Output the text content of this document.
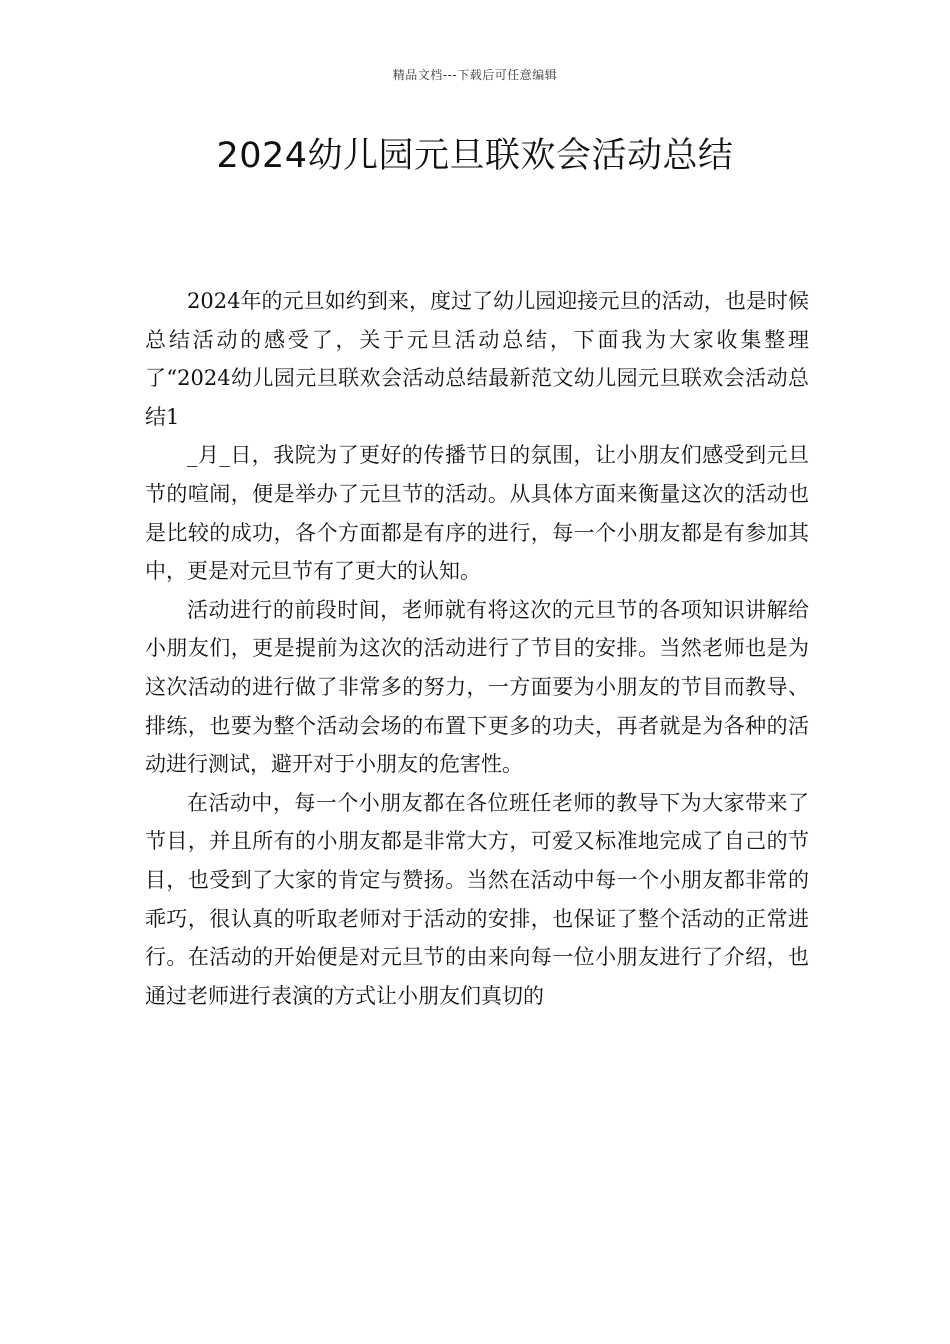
精品文档---下载后可任意编辑
2024幼儿园元旦联欢会活动总结

2024年的元旦如约到来，度过了幼儿园迎接元旦的活动，也是时候总结活动的感受了，关于元旦活动总结，下面我为大家收集整理了“2024幼儿园元旦联欢会活动总结最新范文幼儿园元旦联欢会活动总结1

_月_日，我院为了更好的传播节日的氛围，让小朋友们感受到元旦节的喧闹，便是举办了元旦节的活动。从具体方面来衡量这次的活动也是比较的成功，各个方面都是有序的进行，每一个小朋友都是有参加其中，更是对元旦节有了更大的认知。

活动进行的前段时间，老师就有将这次的元旦节的各项知识讲解给小朋友们，更是提前为这次的活动进行了节目的安排。当然老师也是为这次活动的进行做了非常多的努力，一方面要为小朋友的节目而教导、排练，也要为整个活动会场的布置下更多的功夫，再者就是为各种的活动进行测试，避开对于小朋友的危害性。

在活动中，每一个小朋友都在各位班任老师的教导下为大家带来了节目，并且所有的小朋友都是非常大方，可爱又标准地完成了自己的节目，也受到了大家的肯定与赞扬。当然在活动中每一个小朋友都非常的乖巧，很认真的听取老师对于活动的安排，也保证了整个活动的正常进行。在活动的开始便是对元旦节的由来向每一位小朋友进行了介绍，也通过老师进行表演的方式让小朋友们真切的
